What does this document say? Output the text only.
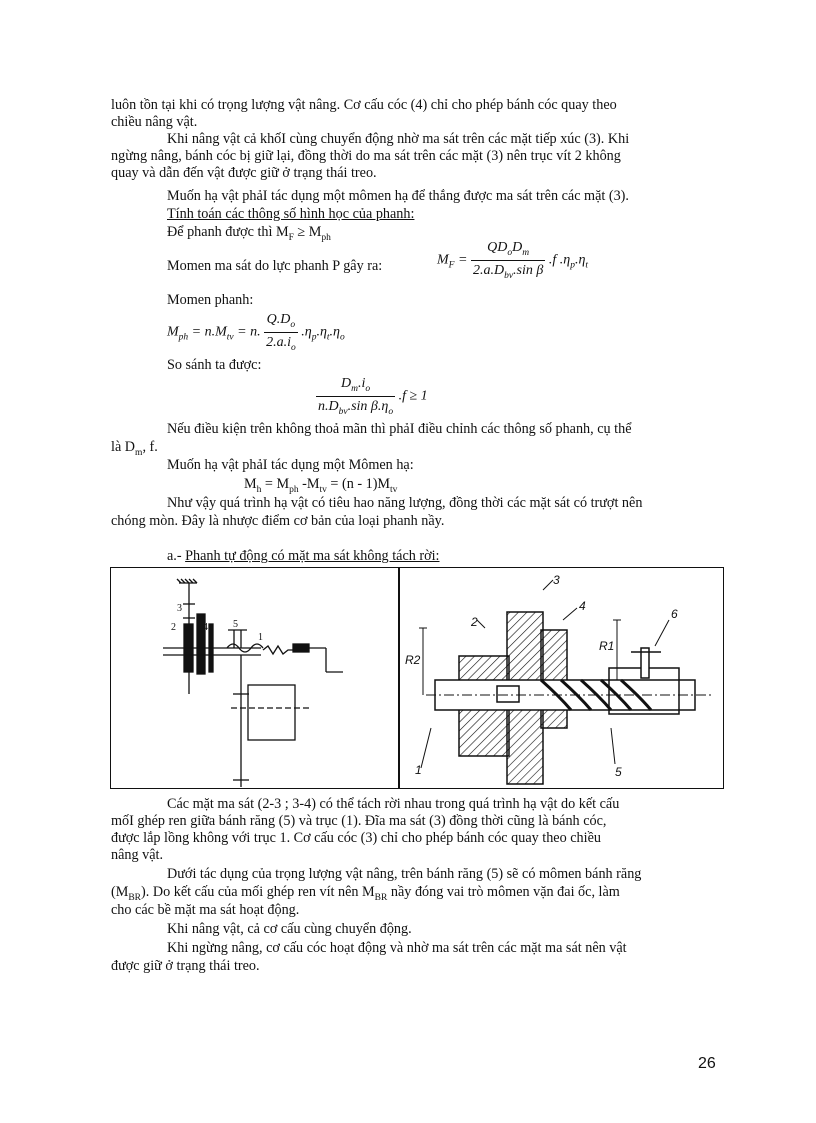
luôn tồn tại khi có trọng lượng vật nâng. Cơ cấu cóc (4) chỉ cho phép bánh cóc quay theo
chiều nâng vật.
Khi nâng vật cả khốI cùng chuyển động nhờ ma sát trên các mặt tiếp xúc (3). Khi
ngừng nâng, bánh cóc bị giữ lại, đồng thời do ma sát trên các mặt (3) nên trục vít 2 không
quay và dẫn đến vật được giữ ở trạng thái treo.
Muốn hạ vật phảI tác dụng một mômen hạ để thắng được ma sát trên các mặt (3).
Tính toán các thông số hình học của phanh:
Để phanh được thì $M_F \ge M_{ph}$
Momen ma sát do lực phanh P gây ra:	$M_F = \frac{QD_oD_m}{2.a.D_{bv}.\sin \beta} .f$ $.\eta_p.\eta_t$
Momen phanh:
$M_{ph} = n.M_{tv} = n$. $\frac{Q.D_o}{2.a.i_o} .\eta_p.\eta_t.\eta_o$
So sánh ta được:
$\frac{D_m.i_o}{n.D_{bv}.\sin \beta.\eta_o} .f \ge 1$
Nếu điều kiện trên không thoả mãn thì phảI điều chỉnh các thông số phanh, cụ thể
là $D_m$, f.
Muốn hạ vật phảI tác dụng một Mômen hạ:
$M_h = M_{ph}$ $-M_{tv} = (n - 1)M_{tv}$
Như vậy quá trình hạ vật có tiêu hao năng lượng, đồng thời các mặt sát có trượt nên
chóng mòn. Đây là nhược điểm cơ bản của loại phanh nầy.
a.- Phanh tự động có mặt ma sát không tách rời:
3
2	4	5
1
3
2
4
6
5
1
R2
R1
Các mặt ma sát (2-3 ; 3-4) có thể tách rời nhau trong quá trình hạ vật do kết cấu
mốI ghép ren giữa bánh răng (5) và trục (1). Đĩa ma sát (3) đồng thời cũng là bánh cóc,
được lắp lồng không với trục 1. Cơ cấu cóc (3) chỉ cho phép bánh cóc quay theo chiều
nâng vật.
Dưới tác dụng của trọng lượng vật nâng, trên bánh răng (5) sẽ có mômen bánh răng
$(M_{BR})$. Do kết cấu của mối ghép ren vít nên $M_{BR}$ nầy đóng vai trò mômen vặn đai ốc, làm
cho các bề mặt ma sát hoạt động.
Khi nâng vật, cả cơ cấu cùng chuyển động.
Khi ngừng nâng, cơ cấu cóc hoạt động và nhờ ma sát trên các mặt ma sát nên vật
được giữ ở trạng thái treo.
26
